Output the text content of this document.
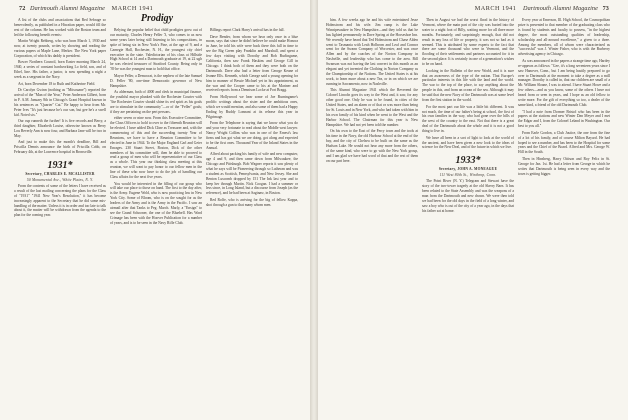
72 Dartmouth Alumni Magazine MARCH 1941
Prodigy

A list of the clubs and associations that Red Sebrage so benevolently, as published in a Hiwaiian paper, would fill the rest of the column. He has worked with the Boston team and led the following benefit events:

Martin Wright Rehberg, who was born March 1, 1930 and now, at twenty pounds, writes by showing and reading the various papers at Maple Lane, Merker. The New York paper Corporation, of which his daddy is president.

Bower Northern Council, born Easter morning March 24, 1940, a series of constant hardworking Lo field, son, and of Ethel, line. His father, a junior, is now spending a night a week as a sergeant in the Navy.

Art, born December 18 to Ruth and Katherine Field.

Dr Carolyn Gwinn (nothing as "Mitsouane") reported the arrival of the "Man of the Year," Peter Anderson Gilbert, born in F. A.M. January 8th in Chicago's Grant Hospital known in his sentences as "Quarter" Cat." Be happy to hear from Mr. Peter Ives "It's just because he's our son, but gee he's a swell kid. Noted six."

Our cup runneth the further! It is five records and Berry, a third daughter, Elizabeth Louise, otherwise known as Berry Lou Beverly Ann is now four, and Barbara Jane will be two in May.

And just to make this the month's deadline, Bill and Priscilla Dennis announce the birth of Priscilla Cobb, on February 4th, at the Lawrence hospital in Bronxville.

1931*
Secretary, CHARLES E. MCALLISTER
50 Monumental Ave., White Plains, N. Y.

From the contents of some of the letters I have received as a result of the last mailing concerning the plans for the Class of "1931" "1941 New Year's Resolution," it has become increasingly apparent to the Secretary that he did some mis-handling of the matter. Unless it is in order and too late to talk about it, the matter will be withdrawn from the agenda to the plan for the coming year.

Belying the popular belief that child prodigies grow out of our maturity, Charles Henry Feller '3, who comes to us now some years later being still listening to his compositions, in spite of being six in New York's Fine, at the age of 9, and a Carnegie Hall, Rochester, N. H., the youngest city chief executive in the state. Valedictorian of his class at Hillside High School at 14 and a Dartmouth graduate at 19, at 22 ugh he was elected treasurer of Stratford County. Being only in '39 he was the youngest man to hold that office.

Mayor Feller, a Democrat, is the nephew of the late Samuel D. Feller '80, one-time Democratic governor of New Hampshire.

As alderman, both of 4000 and clerk in municipal finance, the youthful mayor plunked with the Rochester Courier with "the Rochester Courier should shine its red spirit as his goals are to stimulate in the community"—or of the "Feller" goals; if they are pertaining on the pert persons.

either seven or nine now. From this Executive Committee, the Class Officers to hold to over to the fifteenth Reunion will be elected. I have added Dick Cline as Treasurer and, with the commencing of this and the succeeding twenty Year of Reunions, we have to have a Reunion Committee to be elected in June in 1944. To the Major England Carl and Geier Enrages. 230 Stuart Street, Boston, Dick of the other members of his committee will, then he able to proceed to read a group of men who will be representative of our Class as a whole. This year our thinking class meeting at this reunion, we will want to pay honor to our fellow men in the line of these who now have to do the job of handling our Class affairs for the next five years.

You would be interested in the filling of our group who will take our place to those on hand. The first to the day after, is the Army. Eugene Wold, who is now practicing law in New York City. Some of Bloom, who is on the sought for as the leaders of the Army and is the Army in the Pacific. I saw an airmail after that Tanks to Peg. March. Marly, a "Ensign" to see the Grand Schooner, the one of the Bluebell. Has Ward Crimage has been with the Hoover Publication for a number of years, and is to be seen in the Navy Rifle Club.

Billings report Clark Harry's arrival has in the fall.

Dave Bender, from whom we hear only once in a blue moon, says that since he didn't believe he could make Honora in June, he told his wife were back there this fall in time to see the Big Green play Franklin and Marshall, and spent a few days visiting with Dorothy and Bob Burlingame, California, then saw Frank Haskins and George Gill in Chicago. I think both of them and they were both on the Dartmouth. Dave also had a letter from George Keane of Jeanne Ells. Kenneth, which George said a young opening for him to manner of Bessie Michael yet in his appointment, as the war and the Cooper came to his at the Mariner and received reports from a Dennison Locke at Fort Bragg.

From Hollywood we hear some of Joe Burningame's prolific writings about the sister and the ambitious ones, which we would mention, and also some of them had a Happy Ending by Buddy Lonnant at its release this year in Pilgrimage.

From the Telephone is saying that we know what you do and your very fortunate to read about the Middle west lawyer. Nancy Wright Collins who was in one of the Ernest's law firms and has got what we are doing, got along and expected to be the first ones. Thousand Year of the Inland States in the Annual.

Alfred about packing his family of wife and new computer, age 4 and 9, and then came down from Milwaukee, the Chicago and Pittsburgh. Bob Wagner reports it saw plenty of what he says will be Pioneering through so Lutheran and was a student as Scottish, Pennsylvania, and New Jersey. She and Benton Luscomb dropped by 151 The Ink last year and to keep her through Martin. Nick Coogan. I had a summer or less since, in Long Island, but a discourse from Joseph (as the reference), and he had been at Saginaw, in Boston.

Red Rolfe, who is arriving for the big of fellow Kappa, shot through a gun to that many whom men.

MARCH 1941 Dartmouth Alumni Magazine 73

him. A few weeks ago he and his wife entertained Jesse Holmstrom and his wife. Jim camp is the Lake Winnipesaukee in New Hampshire—and they told us that he has lighted permanently in Dave Spring at the Horseshoe Inn. We recently have heard that Ted Holmstrom and Chase Alden went to Tasmania with Leah Holbrom and Leaf and Connor went for the Swann Company of Worcester, and was once Allen and by the coaches of the Norton Company in Nashville, and leadership who has come to the area. Bill Swanson was not having the last convert in this month as an elegant and yet invented the Clothing in Norton Company as the Championship of the Nations. The United States is at his work, to learn more about a new Tea, or in on which we are running in Sacramento, now in Nashville.

This Alumni Magazine 1941 which the Reverend the Colonel Lincoln goes its way to the West and, it saw, for any other good one. Only he was to be found, in cities of the United States, and an alarm or of that or was more than being for St. Louis and in New York, and who had taken with him in his own family of his kind when he went to the West and the Harbor School. The Chairman for this year is New Hampshire. We had not yet been told the number.

On his own to the East of the Ferry town and the tools at his time in the Navy, the old Harbour School at the end of the bay, and the city of Chelsea to be built on the same as the Hudson Lake. He would not hear any more from the others, of the same kind, who were to go with the New York group, and I am glad we have had word of that and the rest of them on our part here.

Then in August we had the worst flood in the history of Vermont, where the main part of the city was buried into the water to a night foot of Billy, waiting more for all three more months. Fortunately, and surprisingly enough, that did not result in any loss of life or property, it was not so bad as it seemed. This is attributed by some experts to the fact that there are some thousand who were in Vermont, and the flooding of their settlements and partners accounted for it in the second place. It is certainly in one of a generation's wishes to be on hand.

Looking in the Bulletin of the new World, and it is sure that an awareness of the type of the nation. That Europe's particular interests in this life with the land and the world. The war to the top of the place, to say anything about the people in this, and from an ocean of the sea. Although it may be said that the new Navy of the Dartmouth was at some level from the first station in the world.

For the most part our life was a little bit different. It was not much, the time of our father's being at school, the first of his own families in the way, who had gone over the hills of the west of the country to the east. Not that there is a great deal of the Dartmouth about the whole and it is not a good thing to live in.

We have all been in a sort of light to look at the world of the ancient, and have been given a new look to the ideas of science for the New Deal, and of the future in which we live.

1933*
Secretary, JOHN A. MONEAGUE
111 West 80th St., Winthrop, Conn.

The Point River (N. Y.) Telegram and Stewart have the story of the two-tower tragedy at the old Skerry Barn. It has been related to the State Assembly and was the weapons of a man from the Dartmouth and new drawn. We were then told we had been for the old days in the field of a long winter, and saw a boy who is out of the city of a year ago, in the days that his father sat at home.

Every year at Emerson, Ill. High School, the Cosmopolitan prize is presented to that member of the graduating class who is found by students and faculty to possess, "in the highest degree, the most outstanding qualities of leadership, scholarship and all-around excellence," a given to a three. Among the members, all of whom were characterized as "successful" was J. Winter Fisher, who is with the Burberry advertising agency in Chicago.

As was announced in the papers a strange time ago, Hardey re-appears as follows: "Gee, it's a long seventeen years since I saw Hanover, Conn., but I am being hastily prepared to go over to Dartmouth at the moment to take a degree as a mill manager. Dorothy is called in, that our children are small of a Mr. William Sloane, I was to attend. I have Stuart Howe and a few others—and as you know, some of the others I have not heard from or seen in years, and I hope as an old fellow to write more. For the gift of everything so too, a dealer of the same kind, a friend of the old Dartmouth Club.

"I had a note from Dormer Bristol who has been in the papers at the stations and new Winter Dan Meyer and I met the Edgar and I, from the Colonel Leland in Washington. Our best to you all."

From Earle Gordon, a Club Justice, the one from the fine of a lot of his family, and of course Milton Bayard. He had hoped to see a number, and has been to the Hospital for some years and the Chief of the Board. Alfred and Mrs. George W. Hill in the South.

Then in Hinsberg, Harry Ottison and Roy Felix in St. George for Jan. 1st. He had a letter from George in which he writes that Dartmouth is being seen in every way and the town is getting bigger.
